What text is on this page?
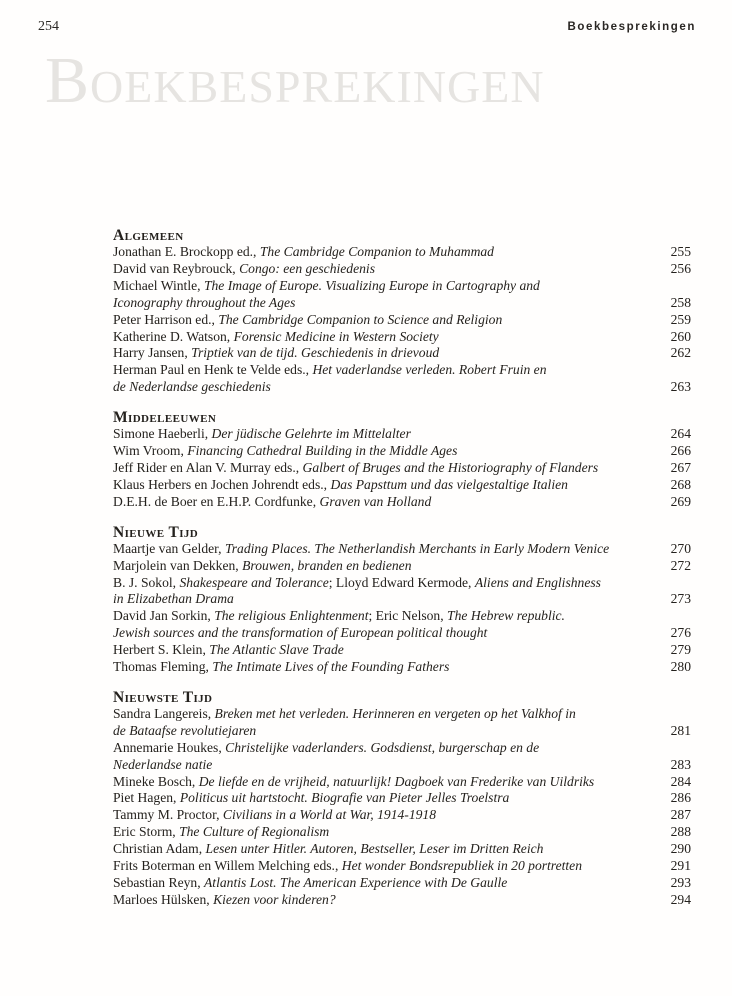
254	Boekbesprekingen
Boekbesprekingen
Algemeen
Jonathan E. Brockopp ed., The Cambridge Companion to Muhammad	255
David van Reybrouck, Congo: een geschiedenis	256
Michael Wintle, The Image of Europe. Visualizing Europe in Cartography and
Iconography throughout the Ages	258
Peter Harrison ed., The Cambridge Companion to Science and Religion	259
Katherine D. Watson, Forensic Medicine in Western Society	260
Harry Jansen, Triptiek van de tijd. Geschiedenis in drievoud	262
Herman Paul en Henk te Velde eds., Het vaderlandse verleden. Robert Fruin en
de Nederlandse geschiedenis	263
Middeleeuwen
Simone Haeberli, Der jüdische Gelehrte im Mittelalter	264
Wim Vroom, Financing Cathedral Building in the Middle Ages	266
Jeff Rider en Alan V. Murray eds., Galbert of Bruges and the Historiography of Flanders	267
Klaus Herbers en Jochen Johrendt eds., Das Papsttum und das vielgestaltige Italien	268
D.E.H. de Boer en E.H.P. Cordfunke, Graven van Holland	269
Nieuwe Tijd
Maartje van Gelder, Trading Places. The Netherlandish Merchants in Early Modern Venice	270
Marjolein van Dekken, Brouwen, branden en bedienen	272
B. J. Sokol, Shakespeare and Tolerance; Lloyd Edward Kermode, Aliens and Englishness
in Elizabethan Drama	273
David Jan Sorkin, The religious Enlightenment; Eric Nelson, The Hebrew republic.
Jewish sources and the transformation of European political thought	276
Herbert S. Klein, The Atlantic Slave Trade	279
Thomas Fleming, The Intimate Lives of the Founding Fathers	280
Nieuwste Tijd
Sandra Langereis, Breken met het verleden. Herinneren en vergeten op het Valkhof in
de Bataafse revolutiejaren	281
Annemarie Houkes, Christelijke vaderlanders. Godsdienst, burgerschap en de
Nederlandse natie	283
Mineke Bosch, De liefde en de vrijheid, natuurlijk! Dagboek van Frederike van Uildriks	284
Piet Hagen, Politicus uit hartstocht. Biografie van Pieter Jelles Troelstra	286
Tammy M. Proctor, Civilians in a World at War, 1914-1918	287
Eric Storm, The Culture of Regionalism	288
Christian Adam, Lesen unter Hitler. Autoren, Bestseller, Leser im Dritten Reich	290
Frits Boterman en Willem Melching eds., Het wonder Bondsrepubliek in 20 portretten	291
Sebastian Reyn, Atlantis Lost. The American Experience with De Gaulle	293
Marloes Hülsken, Kiezen voor kinderen?	294
